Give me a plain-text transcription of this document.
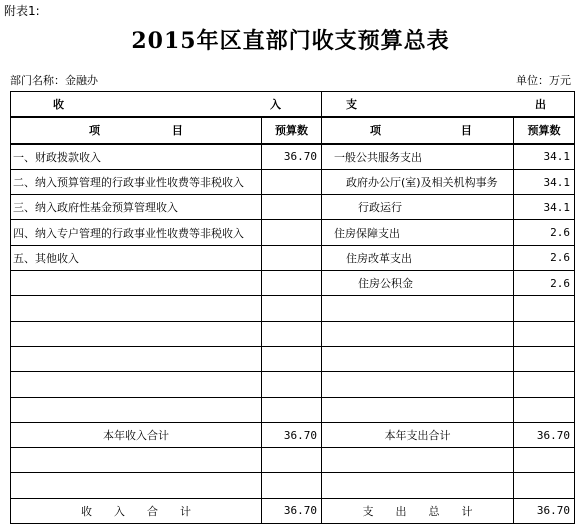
附表1:
2015年区直部门收支预算总表
部门名称：金融办	单位：万元
收 入		支 出	

项 目	预算数	项 目	预算数
一、财政拨款收入	36.70	一般公共服务支出	34.1
二、纳入预算管理的行政事业性收费等非税收入		政府办公厅(室)及相关机构事务	34.1
三、纳入政府性基金预算管理收入		行政运行	34.1
四、纳入专户管理的行政事业性收费等非税收入		住房保障支出	2.6
五、其他收入		住房改革支出	2.6
		住房公积金	2.6

本年收入合计	36.70	本年支出合计	36.70

收　　入　　合　　计	36.70	支　　出　　总　　计	36.70
